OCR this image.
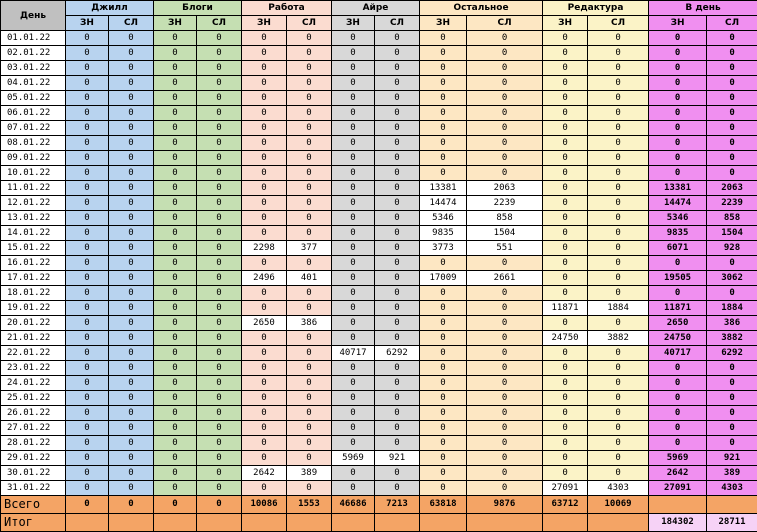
День	Джилл		Блоги		Работа		Айре		Остальное		Редактура		В день	
	ЗН	СЛ	ЗН	СЛ	ЗН	СЛ	ЗН	СЛ	ЗН	СЛ	ЗН	СЛ	ЗН	СЛ
01.01.22	0	0	0	0	0	0	0	0	0	0	0	0	0	0
02.01.22	0	0	0	0	0	0	0	0	0	0	0	0	0	0
03.01.22	0	0	0	0	0	0	0	0	0	0	0	0	0	0
04.01.22	0	0	0	0	0	0	0	0	0	0	0	0	0	0
05.01.22	0	0	0	0	0	0	0	0	0	0	0	0	0	0
06.01.22	0	0	0	0	0	0	0	0	0	0	0	0	0	0
07.01.22	0	0	0	0	0	0	0	0	0	0	0	0	0	0
08.01.22	0	0	0	0	0	0	0	0	0	0	0	0	0	0
09.01.22	0	0	0	0	0	0	0	0	0	0	0	0	0	0
10.01.22	0	0	0	0	0	0	0	0	0	0	0	0	0	0
11.01.22	0	0	0	0	0	0	0	0	13381	2063	0	0	13381	2063
12.01.22	0	0	0	0	0	0	0	0	14474	2239	0	0	14474	2239
13.01.22	0	0	0	0	0	0	0	0	5346	858	0	0	5346	858
14.01.22	0	0	0	0	0	0	0	0	9835	1504	0	0	9835	1504
15.01.22	0	0	0	0	2298	377	0	0	3773	551	0	0	6071	928
16.01.22	0	0	0	0	0	0	0	0	0	0	0	0	0	0
17.01.22	0	0	0	0	2496	401	0	0	17009	2661	0	0	19505	3062
18.01.22	0	0	0	0	0	0	0	0	0	0	0	0	0	0
19.01.22	0	0	0	0	0	0	0	0	0	0	11871	1884	11871	1884
20.01.22	0	0	0	0	2650	386	0	0	0	0	0	0	2650	386
21.01.22	0	0	0	0	0	0	0	0	0	0	24750	3882	24750	3882
22.01.22	0	0	0	0	0	0	40717	6292	0	0	0	0	40717	6292
23.01.22	0	0	0	0	0	0	0	0	0	0	0	0	0	0
24.01.22	0	0	0	0	0	0	0	0	0	0	0	0	0	0
25.01.22	0	0	0	0	0	0	0	0	0	0	0	0	0	0
26.01.22	0	0	0	0	0	0	0	0	0	0	0	0	0	0
27.01.22	0	0	0	0	0	0	0	0	0	0	0	0	0	0
28.01.22	0	0	0	0	0	0	0	0	0	0	0	0	0	0
29.01.22	0	0	0	0	0	0	5969	921	0	0	0	0	5969	921
30.01.22	0	0	0	0	2642	389	0	0	0	0	0	0	2642	389
31.01.22	0	0	0	0	0	0	0	0	0	0	27091	4303	27091	4303
Всего	0	0	0	0	10086	1553	46686	7213	63818	9876	63712	10069		
Итог													184302	28711
